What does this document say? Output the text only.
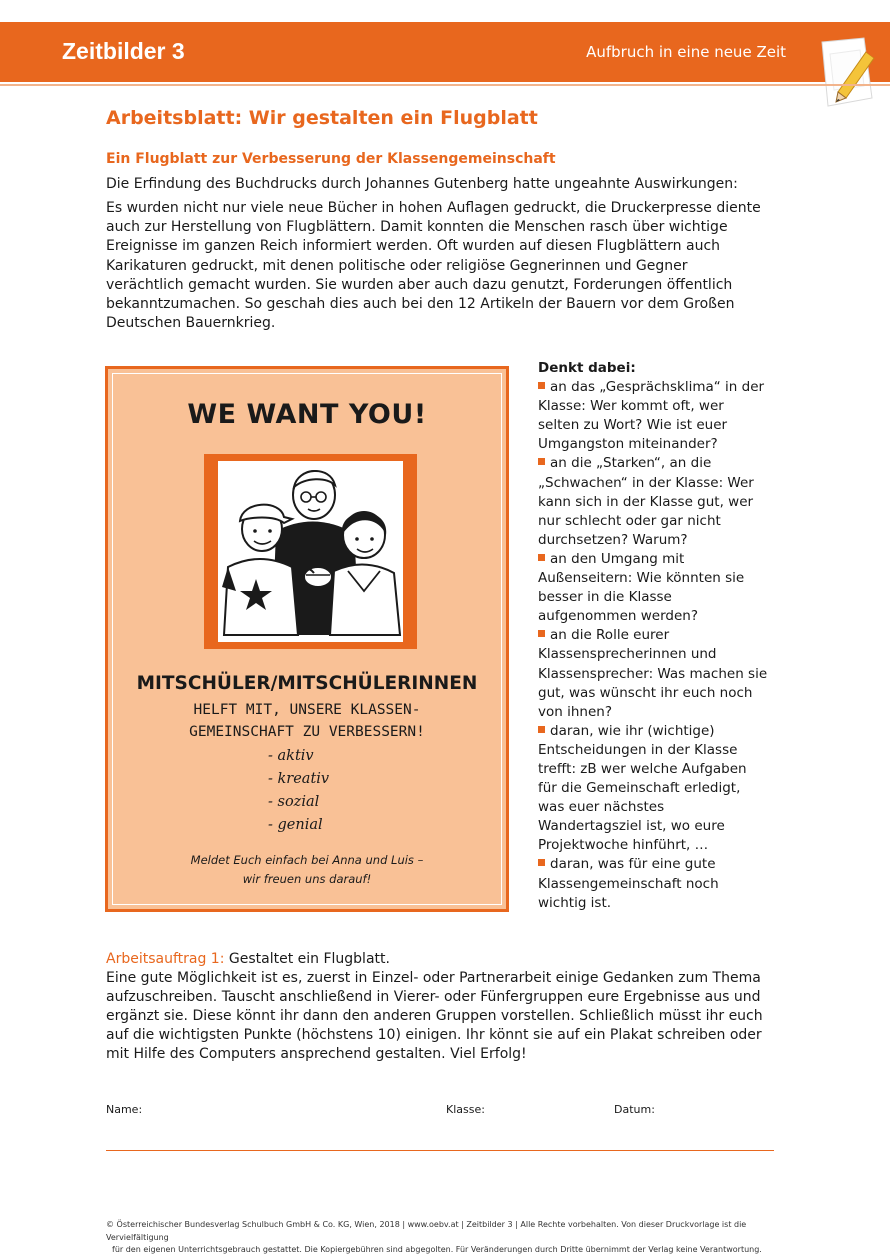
Zeitbilder 3	Aufbruch in eine neue Zeit
Arbeitsblatt: Wir gestalten ein Flugblatt

Ein Flugblatt zur Verbesserung der Klassengemeinschaft

Die Erfindung des Buchdrucks durch Johannes Gutenberg hatte ungeahnte Auswirkungen:

Es wurden nicht nur viele neue Bücher in hohen Auflagen gedruckt, die Druckerpresse diente
auch zur Herstellung von Flugblättern. Damit konnten die Menschen rasch über wichtige
Ereignisse im ganzen Reich informiert werden. Oft wurden auf diesen Flugblättern auch
Karikaturen gedruckt, mit denen politische oder religiöse Gegnerinnen und Gegner
verächtlich gemacht wurden. Sie wurden aber auch dazu genutzt, Forderungen öffentlich
bekanntzumachen. So geschah dies auch bei den 12 Artikeln der Bauern vor dem Großen
Deutschen Bauernkrieg.
WE WANT YOU!
MITSCHÜLER/MITSCHÜLERINNEN
HELFT MIT, UNSERE KLASSEN-
GEMEINSCHAFT ZU VERBESSERN!
- aktiv
- kreativ
- sozial
- genial
Meldet Euch einfach bei Anna und Luis –
wir freuen uns darauf!

Denkt dabei:

an das „Gesprächsklima“ in der
Klasse: Wer kommt oft, wer
selten zu Wort? Wie ist euer
Umgangston miteinander?
an die „Starken“, an die
„Schwachen“ in der Klasse: Wer
kann sich in der Klasse gut, wer
nur schlecht oder gar nicht
durchsetzen? Warum?
an den Umgang mit
Außenseitern: Wie könnten sie
besser in die Klasse
aufgenommen werden?
an die Rolle eurer
Klassensprecherinnen und
Klassensprecher: Was machen sie
gut, was wünscht ihr euch noch
von ihnen?
daran, wie ihr (wichtige)
Entscheidungen in der Klasse
trefft: zB wer welche Aufgaben
für die Gemeinschaft erledigt,
was euer nächstes
Wandertagsziel ist, wo eure
Projektwoche hinführt, …
daran, was für eine gute
Klassengemeinschaft noch
wichtig ist.
Arbeitsauftrag 1: Gestaltet ein Flugblatt.
Eine gute Möglichkeit ist es, zuerst in Einzel- oder Partnerarbeit einige Gedanken zum Thema
aufzuschreiben. Tauscht anschließend in Vierer- oder Fünfergruppen eure Ergebnisse aus und
ergänzt sie. Diese könnt ihr dann den anderen Gruppen vorstellen. Schließlich müsst ihr euch
auf die wichtigsten Punkte (höchstens 10) einigen. Ihr könnt sie auf ein Plakat schreiben oder
mit Hilfe des Computers ansprechend gestalten. Viel Erfolg!
Name:	Klasse:	Datum:
© Österreichischer Bundesverlag Schulbuch GmbH & Co. KG, Wien, 2018 | www.oebv.at | Zeitbilder 3 | Alle Rechte vorbehalten. Von dieser Druckvorlage ist die Vervielfältigung
für den eigenen Unterrichtsgebrauch gestattet. Die Kopiergebühren sind abgegolten. Für Veränderungen durch Dritte übernimmt der Verlag keine Verantwortung.
